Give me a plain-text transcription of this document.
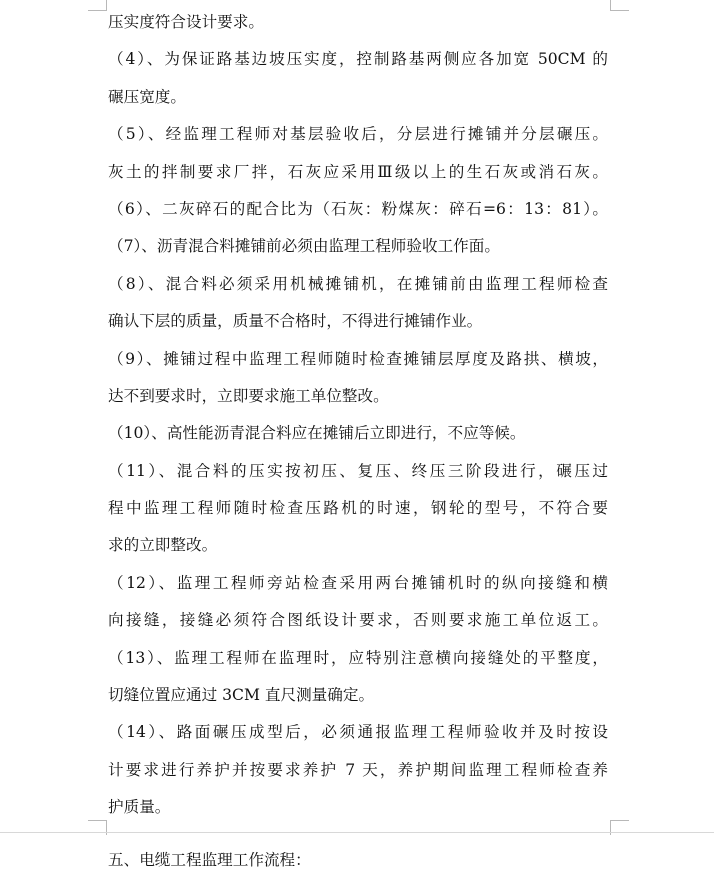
压实度符合设计要求。
（4）、为保证路基边坡压实度，控制路基两侧应各加宽 50CM 的
碾压宽度。
（5）、经监理工程师对基层验收后，分层进行摊铺并分层碾压。
灰土的拌制要求厂拌，石灰应采用Ⅲ级以上的生石灰或消石灰。
（6）、二灰碎石的配合比为（石灰：粉煤灰：碎石=6：13：81）。
（7）、沥青混合料摊铺前必须由监理工程师验收工作面。
（8）、混合料必须采用机械摊铺机，在摊铺前由监理工程师检查
确认下层的质量，质量不合格时，不得进行摊铺作业。
（9）、摊铺过程中监理工程师随时检查摊铺层厚度及路拱、横坡，
达不到要求时，立即要求施工单位整改。
（10）、高性能沥青混合料应在摊铺后立即进行，不应等候。
（11）、混合料的压实按初压、复压、终压三阶段进行，碾压过
程中监理工程师随时检查压路机的时速，钢轮的型号，不符合要
求的立即整改。
（12）、监理工程师旁站检查采用两台摊铺机时的纵向接缝和横
向接缝，接缝必须符合图纸设计要求，否则要求施工单位返工。
（13）、监理工程师在监理时，应特别注意横向接缝处的平整度，
切缝位置应通过 3CM 直尺测量确定。
（14）、路面碾压成型后，必须通报监理工程师验收并及时按设
计要求进行养护并按要求养护 7 天，养护期间监理工程师检查养
护质量。
五、电缆工程监理工作流程：
